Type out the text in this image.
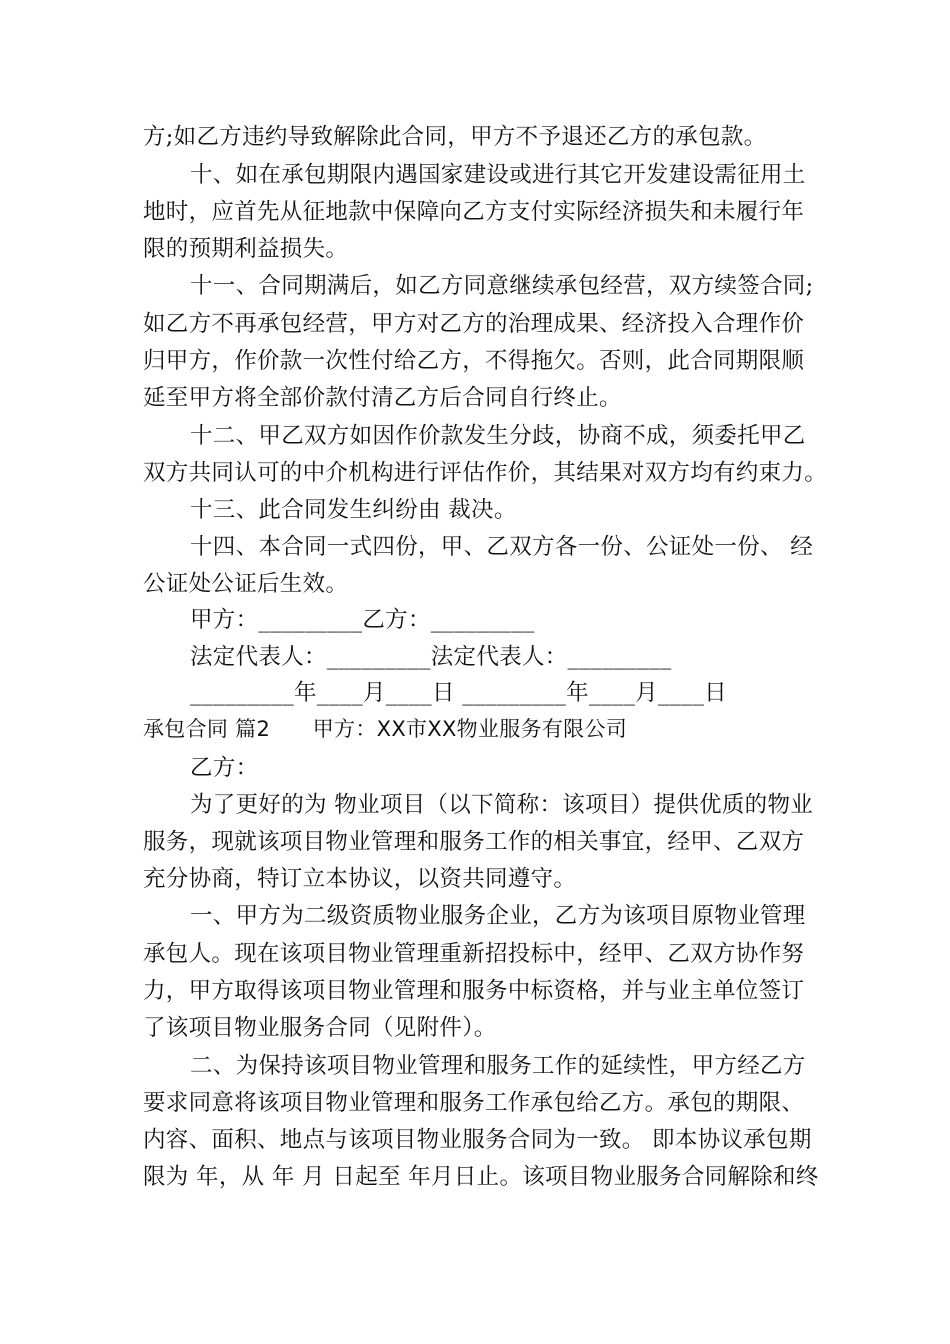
方;如乙方违约导致解除此合同，甲方不予退还乙方的承包款。
十、如在承包期限内遇国家建设或进行其它开发建设需征用土
地时，应首先从征地款中保障向乙方支付实际经济损失和未履行年
限的预期利益损失。
十一、合同期满后，如乙方同意继续承包经营，双方续签合同;
如乙方不再承包经营，甲方对乙方的治理成果、经济投入合理作价
归甲方，作价款一次性付给乙方，不得拖欠。否则，此合同期限顺
延至甲方将全部价款付清乙方后合同自行终止。
十二、甲乙双方如因作价款发生分歧，协商不成，须委托甲乙
双方共同认可的中介机构进行评估作价，其结果对双方均有约束力。
十三、此合同发生纠纷由 裁决。
十四、本合同一式四份，甲、乙双方各一份、公证处一份、 经
公证处公证后生效。
甲方：_________乙方：_________
法定代表人：_________法定代表人：_________
_________年____月____日 _________年____月____日
承包合同 篇2　　甲方：XX市XX物业服务有限公司
乙方：
为了更好的为 物业项目（以下简称：该项目）提供优质的物业
服务，现就该项目物业管理和服务工作的相关事宜，经甲、乙双方
充分协商，特订立本协议，以资共同遵守。
一、甲方为二级资质物业服务企业，乙方为该项目原物业管理
承包人。现在该项目物业管理重新招投标中，经甲、乙双方协作努
力，甲方取得该项目物业管理和服务中标资格，并与业主单位签订
了该项目物业服务合同（见附件）。
二、为保持该项目物业管理和服务工作的延续性，甲方经乙方
要求同意将该项目物业管理和服务工作承包给乙方。承包的期限、
内容、面积、地点与该项目物业服务合同为一致。 即本协议承包期
限为 年，从 年 月 日起至 年月日止。该项目物业服务合同解除和终
